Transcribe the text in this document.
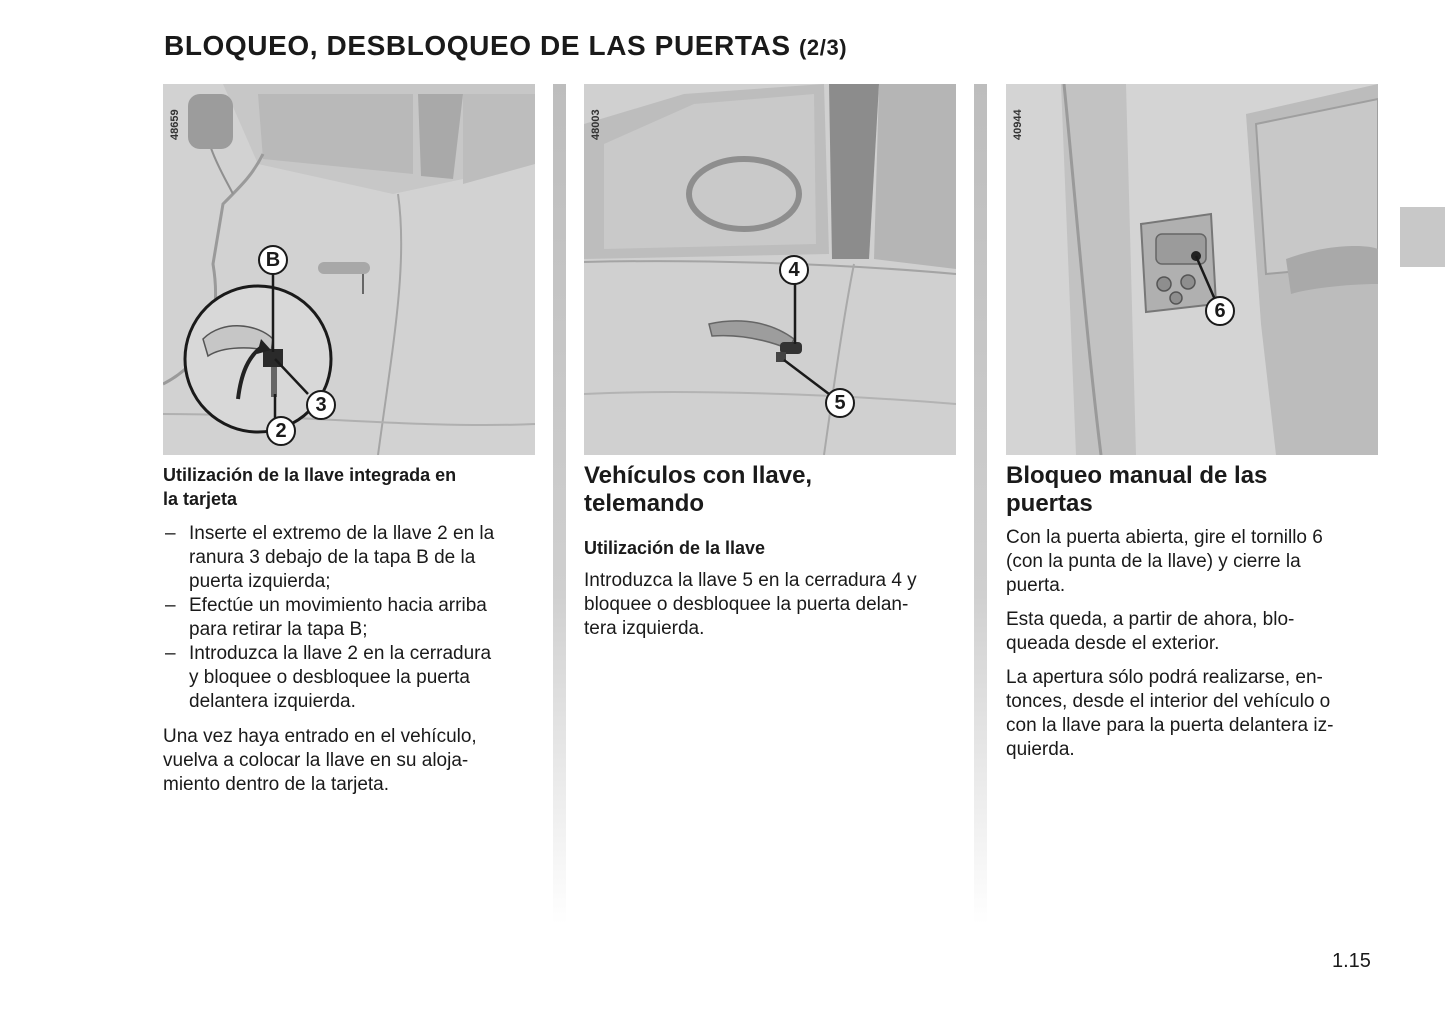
BLOQUEO, DESBLOQUEO DE LAS PUERTAS (2/3)
48659
B
3
2

Utilización de la llave integrada en
la tarjeta

– Inserte el extremo de la llave 2 en la
ranura 3 debajo de la tapa B de la
puerta izquierda;
– Efectúe un movimiento hacia arriba
para retirar la tapa B;
– Introduzca la llave 2 en la cerradura
y bloquee o desbloquee la puerta
delantera izquierda.

Una vez haya entrado en el vehículo,
vuelva a colocar la llave en su aloja-
miento dentro de la tarjeta.

48003
4
5
Vehículos con llave,
telemando

Utilización de la llave

Introduzca la llave 5 en la cerradura 4 y
bloquee o desbloquee la puerta delan-
tera izquierda.

40944
6
Bloqueo manual de las
puertas

Con la puerta abierta, gire el tornillo 6
(con la punta de la llave) y cierre la
puerta.

Esta queda, a partir de ahora, blo-
queada desde el exterior.

La apertura sólo podrá realizarse, en-
tonces, desde el interior del vehículo o
con la llave para la puerta delantera iz-
quierda.

1.15
